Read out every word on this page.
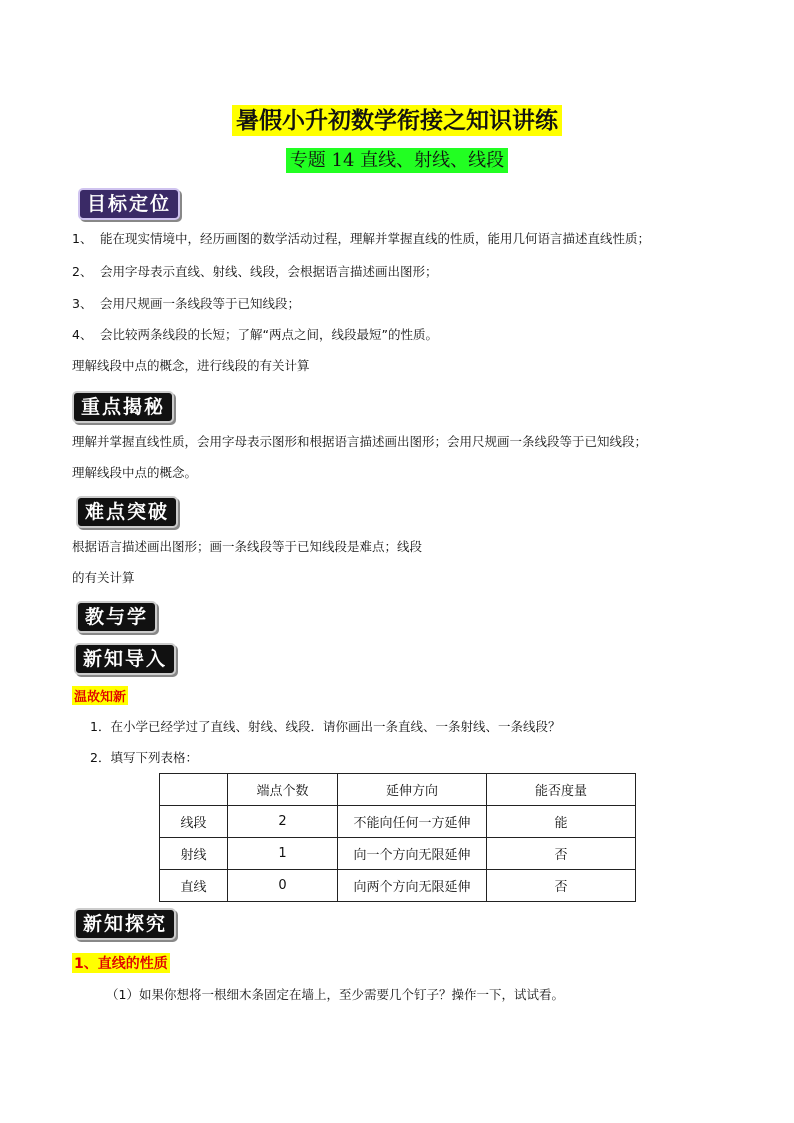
暑假小升初数学衔接之知识讲练
专题 14 直线、射线、线段
目标定位
1、 能在现实情境中，经历画图的数学活动过程，理解并掌握直线的性质，能用几何语言描述直线性质；
2、 会用字母表示直线、射线、线段，会根据语言描述画出图形；
3、 会用尺规画一条线段等于已知线段；
4、 会比较两条线段的长短；了解“两点之间，线段最短”的性质。
理解线段中点的概念，进行线段的有关计算
重点揭秘
理解并掌握直线性质，会用字母表示图形和根据语言描述画出图形；会用尺规画一条线段等于已知线段；
理解线段中点的概念。
难点突破
根据语言描述画出图形；画一条线段等于已知线段是难点；线段
的有关计算
教与学
新知导入
温故知新
1．在小学已经学过了直线、射线、线段．请你画出一条直线、一条射线、一条线段？
2．填写下列表格：
	端点个数	延伸方向	能否度量
线段	2	不能向任何一方延伸	能
射线	1	向一个方向无限延伸	否
直线	0	向两个方向无限延伸	否
新知探究
1、直线的性质
（1）如果你想将一根细木条固定在墙上，至少需要几个钉子？操作一下，试试看。
